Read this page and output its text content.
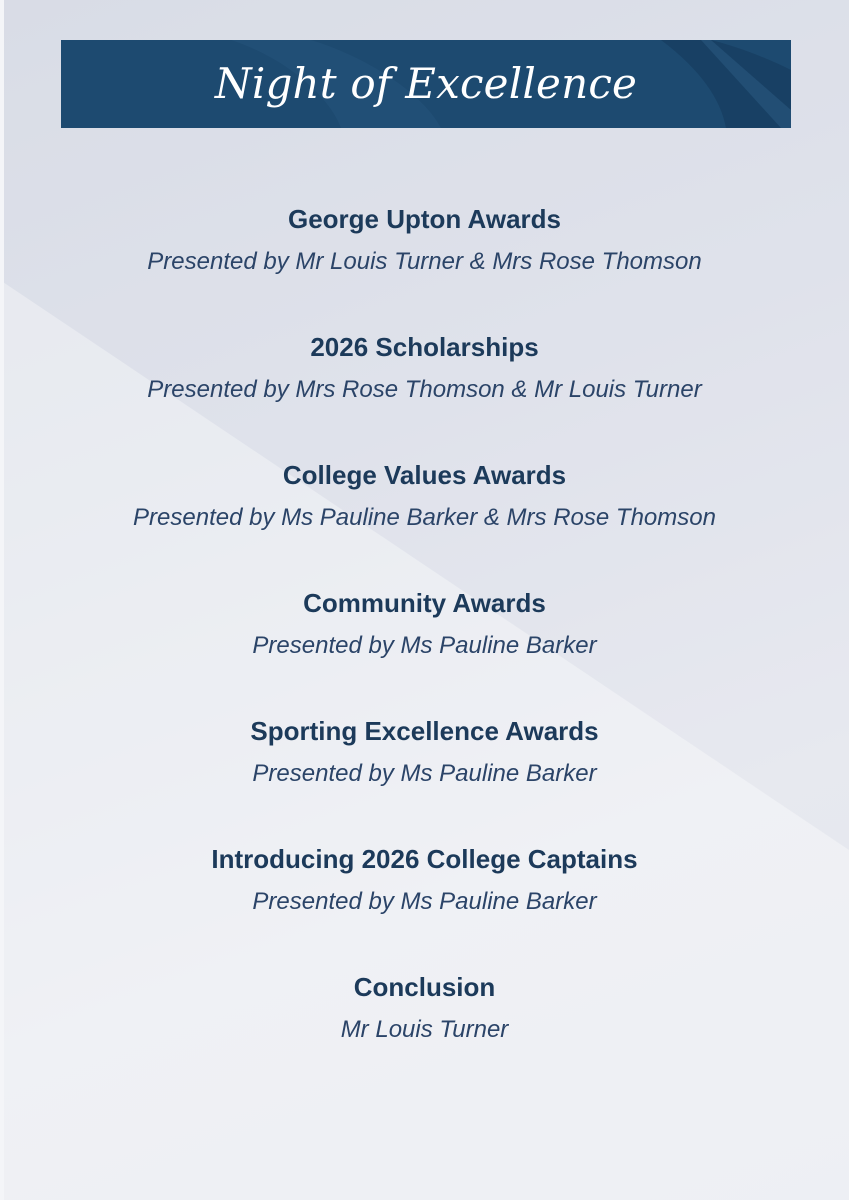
Night of Excellence
George Upton Awards
Presented by Mr Louis Turner & Mrs Rose Thomson
2026 Scholarships
Presented by Mrs Rose Thomson & Mr Louis Turner
College Values Awards
Presented by Ms Pauline Barker & Mrs Rose Thomson
Community Awards
Presented by Ms Pauline Barker
Sporting Excellence Awards
Presented by Ms Pauline Barker
Introducing 2026 College Captains
Presented by Ms Pauline Barker
Conclusion
Mr Louis Turner
